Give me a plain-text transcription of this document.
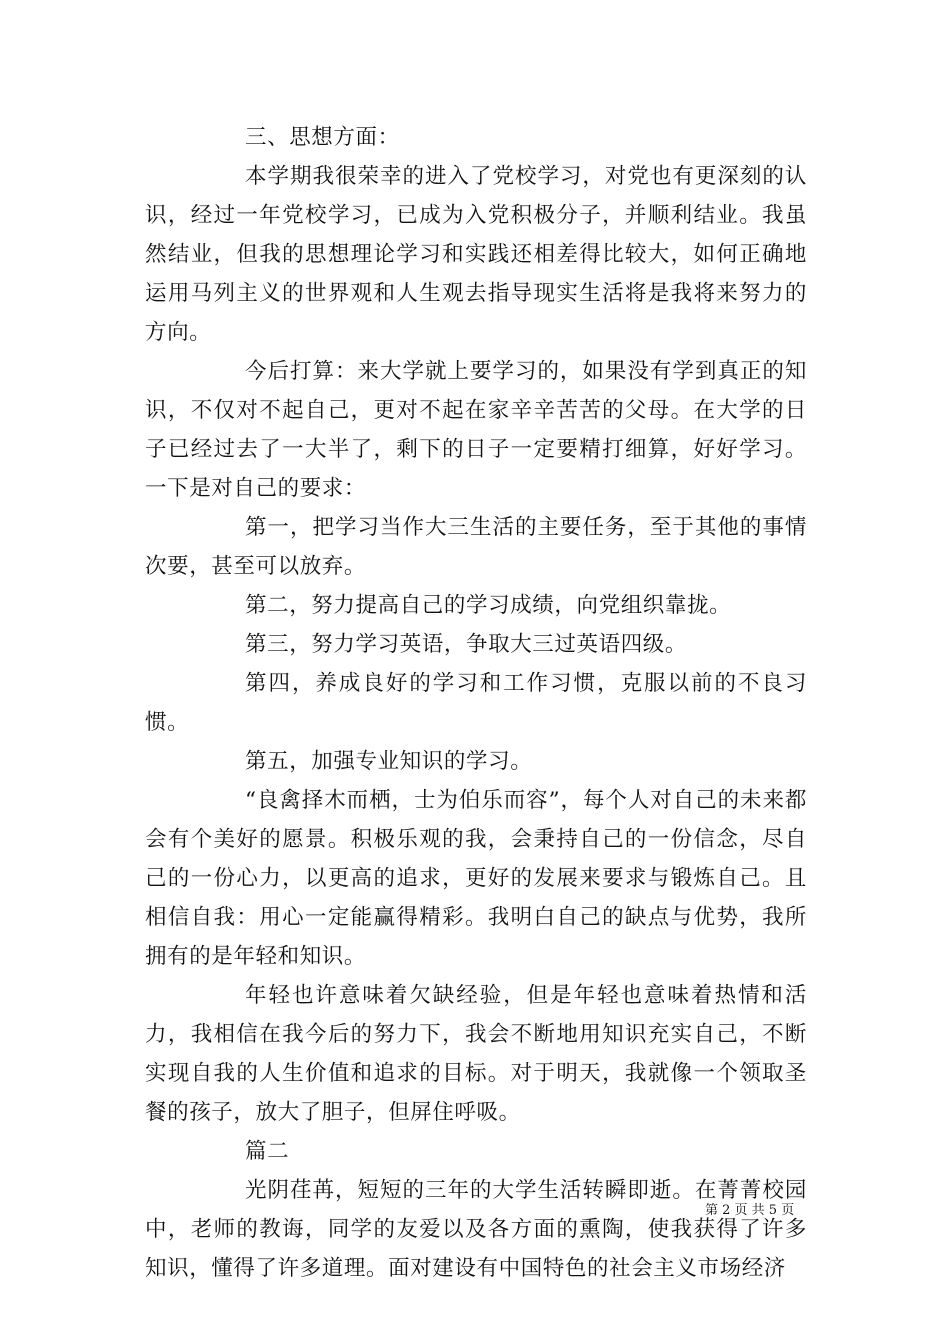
三、思想方面：

本学期我很荣幸的进入了党校学习，对党也有更深刻的认识，经过一年党校学习，已成为入党积极分子，并顺利结业。我虽然结业，但我的思想理论学习和实践还相差得比较大，如何正确地运用马列主义的世界观和人生观去指导现实生活将是我将来努力的方向。

今后打算：来大学就上要学习的，如果没有学到真正的知识，不仅对不起自己，更对不起在家辛辛苦苦的父母。在大学的日子已经过去了一大半了，剩下的日子一定要精打细算，好好学习。一下是对自己的要求：

第一，把学习当作大三生活的主要任务，至于其他的事情次要，甚至可以放弃。

第二，努力提高自己的学习成绩，向党组织靠拢。

第三，努力学习英语，争取大三过英语四级。

第四，养成良好的学习和工作习惯，克服以前的不良习惯。

第五，加强专业知识的学习。

“良禽择木而栖，士为伯乐而容”，每个人对自己的未来都会有个美好的愿景。积极乐观的我，会秉持自己的一份信念，尽自己的一份心力，以更高的追求，更好的发展来要求与锻炼自己。且相信自我：用心一定能赢得精彩。我明白自己的缺点与优势，我所拥有的是年轻和知识。

年轻也许意味着欠缺经验，但是年轻也意味着热情和活力，我相信在我今后的努力下，我会不断地用知识充实自己，不断实现自我的人生价值和追求的目标。对于明天，我就像一个领取圣餐的孩子，放大了胆子，但屏住呼吸。

篇二

光阴荏苒，短短的三年的大学生活转瞬即逝。在菁菁校园中，老师的教诲，同学的友爱以及各方面的熏陶，使我获得了许多知识，懂得了许多道理。面对建设有中国特色的社会主义市场经济

第 2 页 共 5 页
